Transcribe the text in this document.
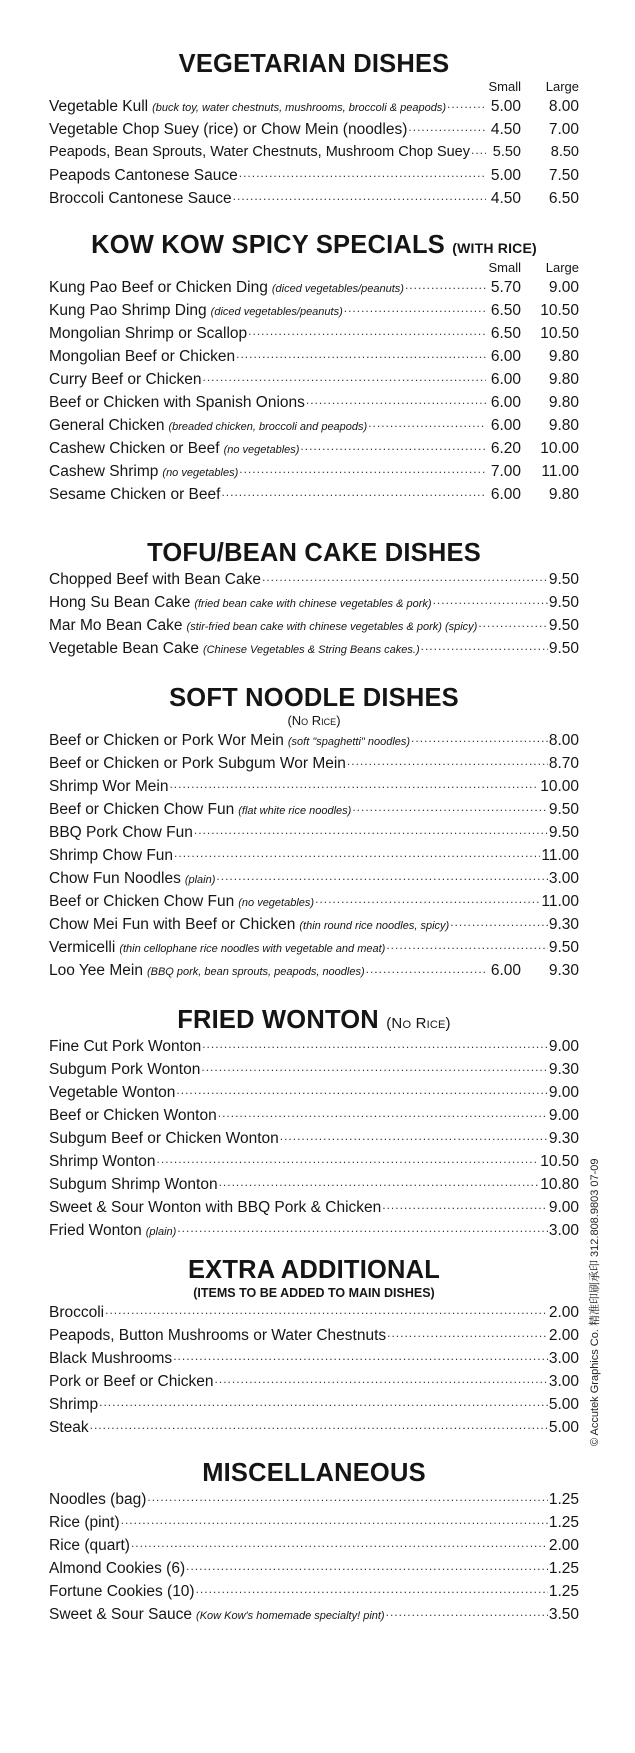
VEGETARIAN DISHES
Small Large
Vegetable Kull (buck toy, water chestnuts, mushrooms, broccoli & peapods) .....	5.00	8.00
Vegetable Chop Suey (rice) or Chow Mein (noodles) .....	4.50	7.00
Peapods, Bean Sprouts, Water Chestnuts, Mushroom Chop Suey .....	5.50	8.50
Peapods Cantonese Sauce .....	5.00	7.50
Broccoli Cantonese Sauce .....	4.50	6.50
KOW KOW SPICY SPECIALS (WITH RICE)
Small Large
Kung Pao Beef or Chicken Ding (diced vegetables/peanuts) .....	5.70	9.00
Kung Pao Shrimp Ding (diced vegetables/peanuts) .....	6.50	10.50
Mongolian Shrimp or Scallop .....	6.50	10.50
Mongolian Beef or Chicken .....	6.00	9.80
Curry Beef or Chicken .....	6.00	9.80
Beef or Chicken with Spanish Onions .....	6.00	9.80
General Chicken (breaded chicken, broccoli and peapods) .....	6.00	9.80
Cashew Chicken or Beef (no vegetables) .....	6.20	10.00
Cashew Shrimp (no vegetables) .....	7.00	11.00
Sesame Chicken or Beef .....	6.00	9.80
TOFU/BEAN CAKE DISHES
Chopped Beef with Bean Cake .....	9.50
Hong Su Bean Cake (fried bean cake with chinese vegetables & pork) .....	9.50
Mar Mo Bean Cake (stir-fried bean cake with chinese vegetables & pork) (spicy) .....	9.50
Vegetable Bean Cake (Chinese Vegetables & String Beans cakes.) .....	9.50
SOFT NOODLE DISHES
(No Rice)
Beef or Chicken or Pork Wor Mein (soft "spaghetti" noodles) .....	8.00
Beef or Chicken or Pork Subgum Wor Mein .....	8.70
Shrimp Wor Mein .....	10.00
Beef or Chicken Chow Fun (flat white rice noodles) .....	9.50
BBQ Pork Chow Fun .....	9.50
Shrimp Chow Fun .....	11.00
Chow Fun Noodles (plain) .....	3.00
Beef or Chicken Chow Fun (no vegetables) .....	11.00
Chow Mei Fun with Beef or Chicken (thin round rice noodles, spicy) .....	9.30
Vermicelli (thin cellophane rice noodles with vegetable and meat) .....	9.50
Loo Yee Mein (BBQ pork, bean sprouts, peapods, noodles) .....	6.00	9.30
FRIED WONTON (No Rice)
Fine Cut Pork Wonton .....	9.00
Subgum Pork Wonton .....	9.30
Vegetable Wonton .....	9.00
Beef or Chicken Wonton .....	9.00
Subgum Beef or Chicken Wonton .....	9.30
Shrimp Wonton .....	10.50
Subgum Shrimp Wonton .....	10.80
Sweet & Sour Wonton with BBQ Pork & Chicken .....	9.00
Fried Wonton (plain) .....	3.00
EXTRA ADDITIONAL
(ITEMS TO BE ADDED TO MAIN DISHES)
Broccoli .....	2.00
Peapods, Button Mushrooms or Water Chestnuts .....	2.00
Black Mushrooms .....	3.00
Pork or Beef or Chicken .....	3.00
Shrimp .....	5.00
Steak .....	5.00
MISCELLANEOUS
Noodles (bag) .....	1.25
Rice (pint) .....	1.25
Rice (quart) .....	2.00
Almond Cookies (6) .....	1.25
Fortune Cookies (10) .....	1.25
Sweet & Sour Sauce (Kow Kow's homemade specialty! pint) .....	3.50
© Accutek Graphics Co. 精准印刷承印 312.808.9803 07-09
